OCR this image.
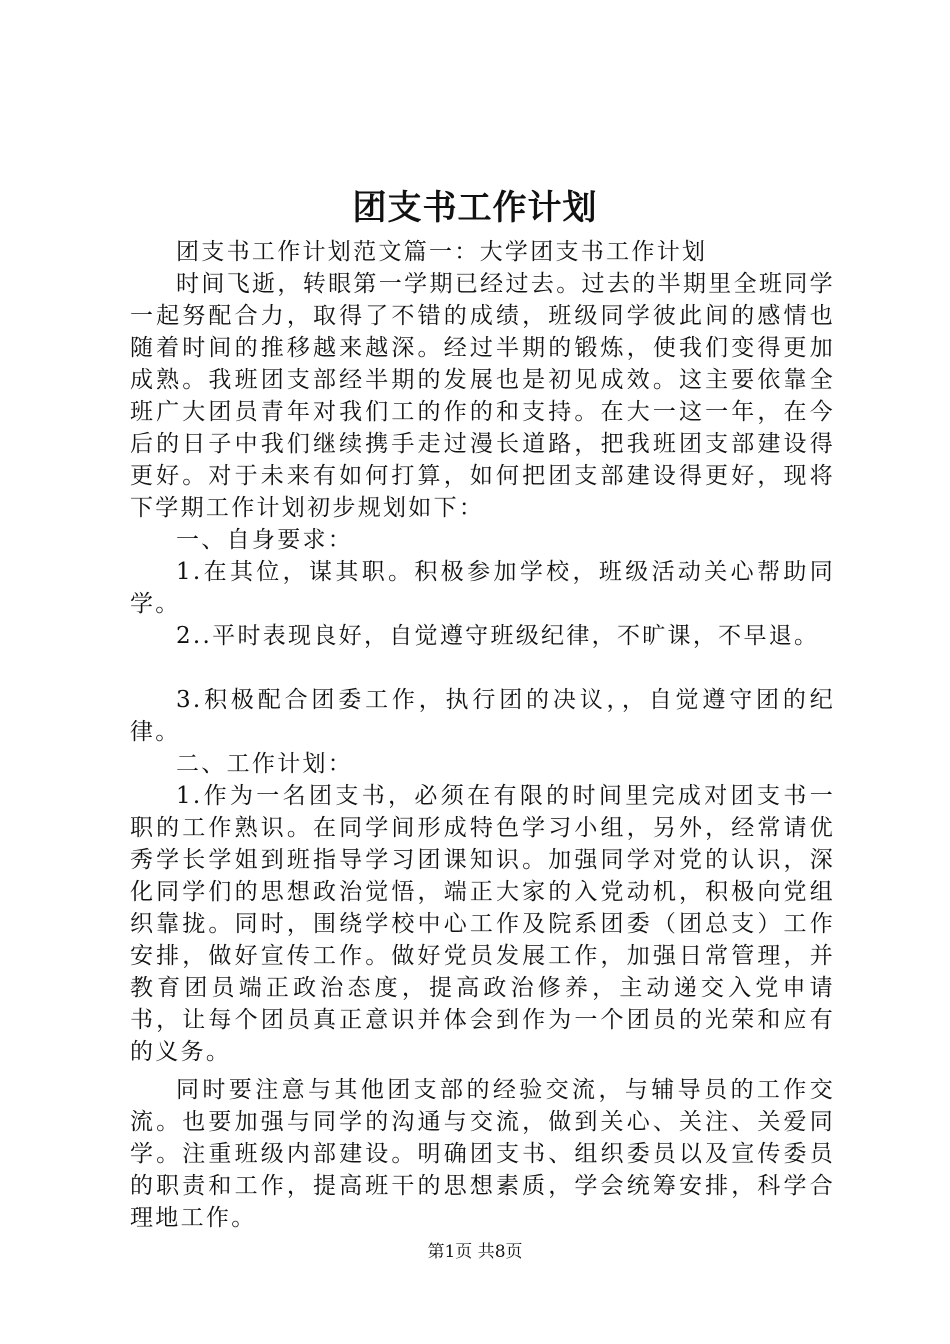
团支书工作计划

团支书工作计划范文篇一：大学团支书工作计划

时间飞逝，转眼第一学期已经过去。过去的半期里全班同学一起努配合力，取得了不错的成绩，班级同学彼此间的感情也随着时间的推移越来越深。经过半期的锻炼，使我们变得更加成熟。我班团支部经半期的发展也是初见成效。这主要依靠全班广大团员青年对我们工的作的和支持。在大一这一年，在今后的日子中我们继续携手走过漫长道路，把我班团支部建设得更好。对于未来有如何打算，如何把团支部建设得更好，现将下学期工作计划初步规划如下：

一、自身要求：

1.在其位，谋其职。积极参加学校，班级活动关心帮助同学。

2..平时表现良好，自觉遵守班级纪律，不旷课，不早退。

3.积极配合团委工作，执行团的决议，，自觉遵守团的纪律。

二、工作计划：

1.作为一名团支书，必须在有限的时间里完成对团支书一职的工作熟识。在同学间形成特色学习小组，另外，经常请优秀学长学姐到班指导学习团课知识。加强同学对党的认识，深化同学们的思想政治觉悟，端正大家的入党动机，积极向党组织靠拢。同时，围绕学校中心工作及院系团委（团总支）工作安排，做好宣传工作。做好党员发展工作，加强日常管理，并教育团员端正政治态度，提高政治修养，主动递交入党申请书，让每个团员真正意识并体会到作为一个团员的光荣和应有的义务。

同时要注意与其他团支部的经验交流，与辅导员的工作交流。也要加强与同学的沟通与交流，做到关心、关注、关爱同学。注重班级内部建设。明确团支书、组织委员以及宣传委员的职责和工作，提高班干的思想素质，学会统筹安排，科学合理地工作。

第1页 共8页
